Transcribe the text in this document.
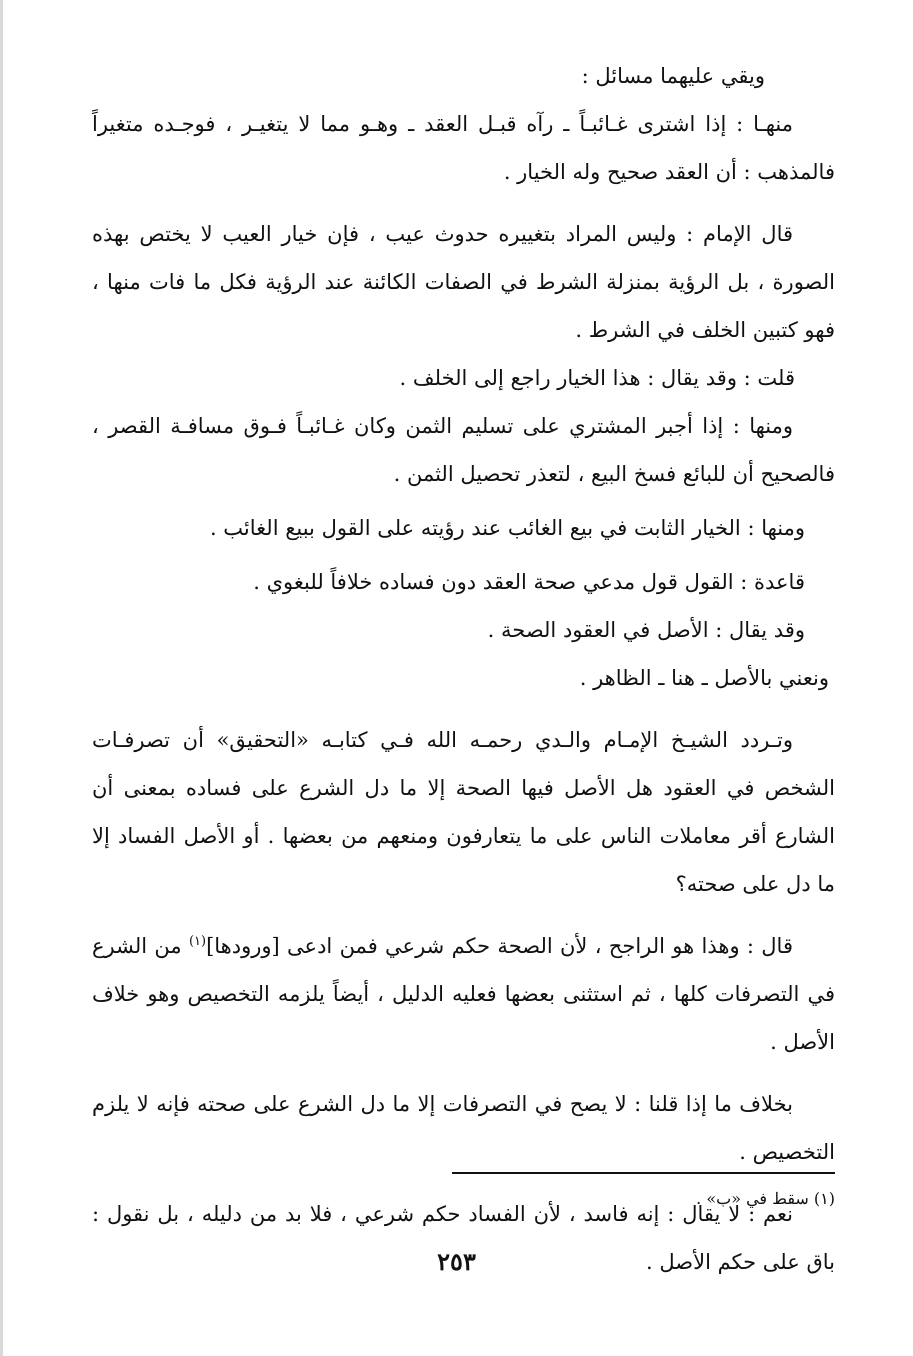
ويقي عليهما مسائل :

منهـا : إذا اشترى غـائبـاً ـ رآه قبـل العقد ـ وهـو مما لا يتغيـر ، فوجـده متغيراً فالمذهب : أن العقد صحيح وله الخيار .

قال الإمام : وليس المراد بتغييره حدوث عيب ، فإن خيار العيب لا يختص بهذه الصورة ، بل الرؤية بمنزلة الشرط في الصفات الكائنة عند الرؤية فكل ما فات منها ، فهو كتبين الخلف في الشرط .

قلت : وقد يقال : هذا الخيار راجع إلى الخلف .

ومنها : إذا أجبر المشتري على تسليم الثمن وكان غـائبـاً فـوق مسافـة القصر ، فالصحيح أن للبائع فسخ البيع ، لتعذر تحصيل الثمن .

ومنها : الخيار الثابت في بيع الغائب عند رؤيته على القول ببيع الغائب .

قاعدة : القول قول مدعي صحة العقد دون فساده خلافاً للبغوي .

وقد يقال : الأصل في العقود الصحة .

ونعني بالأصل ـ هنا ـ الظاهر .

وتـردد الشيـخ الإمـام والـدي رحمـه الله فـي كتابـه «التحقيق» أن تصرفـات الشخص في العقود هل الأصل فيها الصحة إلا ما دل الشرع على فساده بمعنى أن الشارع أقر معاملات الناس على ما يتعارفون ومنعهم من بعضها . أو الأصل الفساد إلا ما دل على صحته؟

قال : وهذا هو الراجح ، لأن الصحة حكم شرعي فمن ادعى [ورودها]$^{(١)}$ من الشرع في التصرفات كلها ، ثم استثنى بعضها فعليه الدليل ، أيضاً يلزمه التخصيص وهو خلاف الأصل .

بخلاف ما إذا قلنا : لا يصح في التصرفات إلا ما دل الشرع على صحته فإنه لا يلزم التخصيص .

نعم : لا يقال : إنه فاسد ، لأن الفساد حكم شرعي ، فلا بد من دليله ، بل نقول : باق على حكم الأصل .

(١) سقط في «ب» .
٢٥٣
